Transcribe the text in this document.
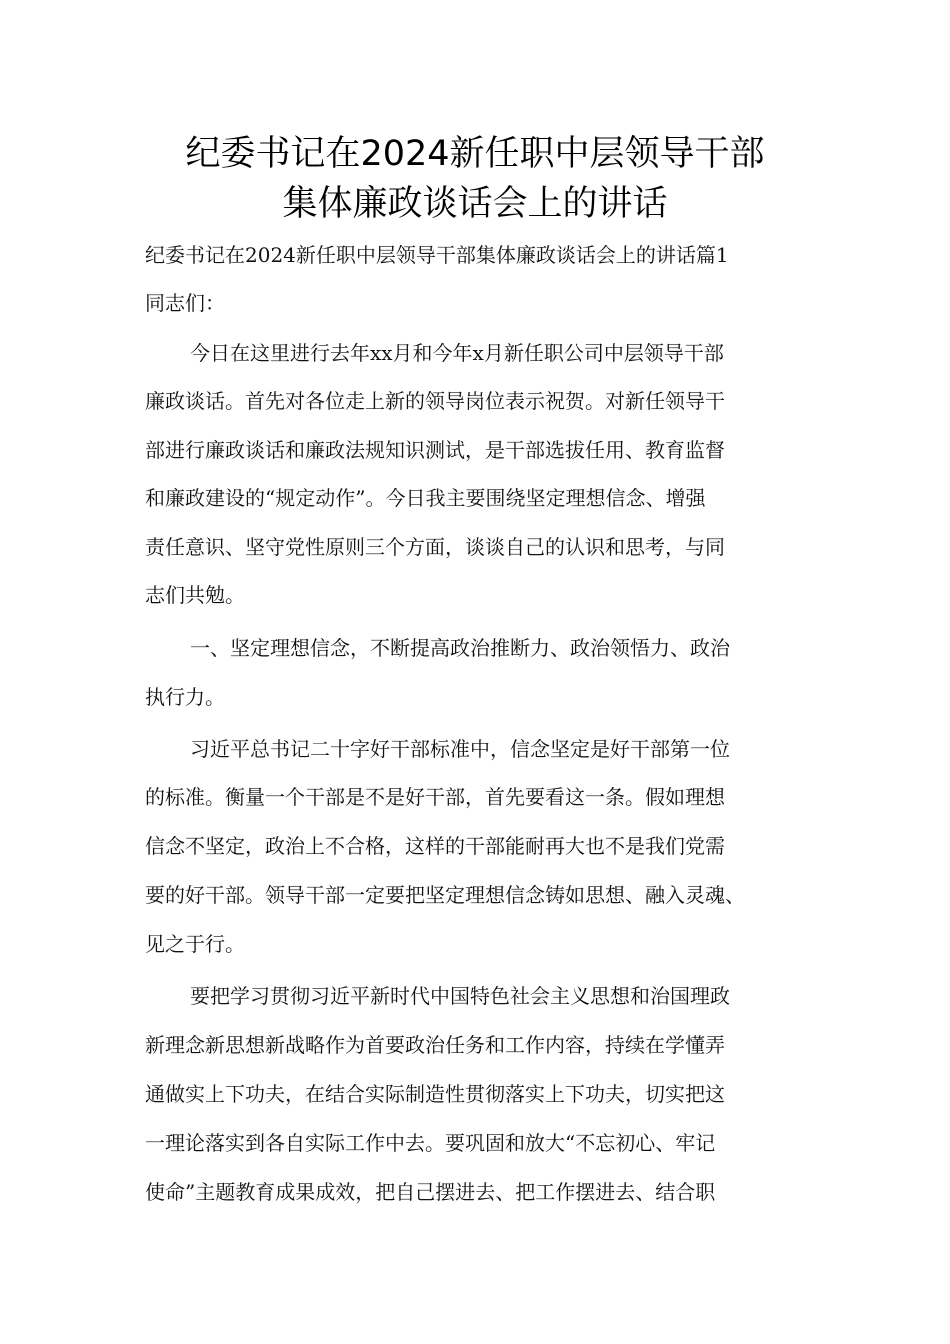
纪委书记在2024新任职中层领导干部
集体廉政谈话会上的讲话
纪委书记在2024新任职中层领导干部集体廉政谈话会上的讲话篇1
同志们：
今日在这里进行去年xx月和今年x月新任职公司中层领导干部
廉政谈话。首先对各位走上新的领导岗位表示祝贺。对新任领导干
部进行廉政谈话和廉政法规知识测试，是干部选拔任用、教育监督
和廉政建设的“规定动作”。今日我主要围绕坚定理想信念、增强
责任意识、坚守党性原则三个方面，谈谈自己的认识和思考，与同
志们共勉。
一、坚定理想信念，不断提高政治推断力、政治领悟力、政治
执行力。
习近平总书记二十字好干部标准中，信念坚定是好干部第一位
的标准。衡量一个干部是不是好干部，首先要看这一条。假如理想
信念不坚定，政治上不合格，这样的干部能耐再大也不是我们党需
要的好干部。领导干部一定要把坚定理想信念铸如思想、融入灵魂、
见之于行。
要把学习贯彻习近平新时代中国特色社会主义思想和治国理政
新理念新思想新战略作为首要政治任务和工作内容，持续在学懂弄
通做实上下功夫，在结合实际制造性贯彻落实上下功夫，切实把这
一理论落实到各自实际工作中去。要巩固和放大“不忘初心、牢记
使命”主题教育成果成效，把自己摆进去、把工作摆进去、结合职
